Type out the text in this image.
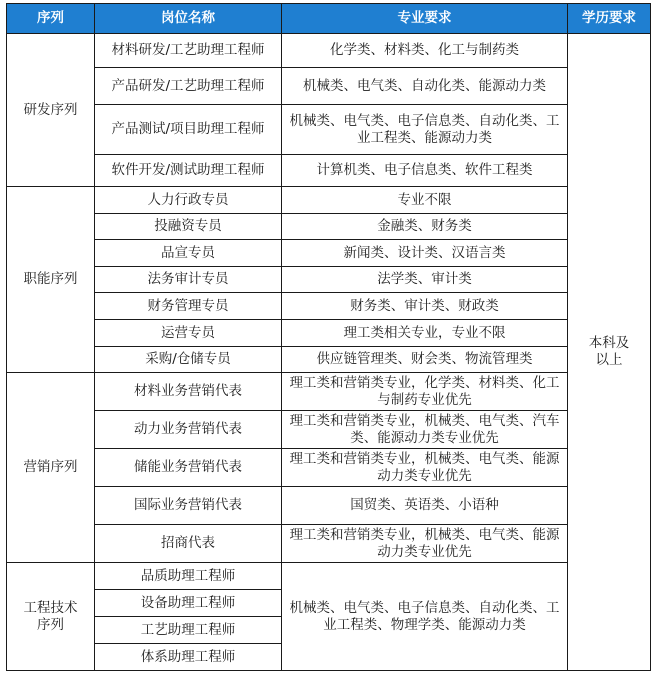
序列	岗位名称	专业要求	学历要求
研发序列	材料研发/工艺助理工程师	化学类、材料类、化工与制药类	本科及以上
	产品研发/工艺助理工程师	机械类、电气类、自动化类、能源动力类	
	产品测试/项目助理工程师	机械类、电气类、电子信息类、自动化类、工业工程类、能源动力类	
	软件开发/测试助理工程师	计算机类、电子信息类、软件工程类	
职能序列	人力行政专员	专业不限	
	投融资专员	金融类、财务类	
	品宣专员	新闻类、设计类、汉语言类	
	法务审计专员	法学类、审计类	
	财务管理专员	财务类、审计类、财政类	
	运营专员	理工类相关专业，专业不限	
	采购/仓储专员	供应链管理类、财会类、物流管理类	
营销序列	材料业务营销代表	理工类和营销类专业，化学类、材料类、化工与制药专业优先	
	动力业务营销代表	理工类和营销类专业，机械类、电气类、汽车类、能源动力类专业优先	
	储能业务营销代表	理工类和营销类专业，机械类、电气类、能源动力类专业优先	
	国际业务营销代表	国贸类、英语类、小语种	
	招商代表	理工类和营销类专业，机械类、电气类、能源动力类专业优先	
工程技术序列	品质助理工程师	机械类、电气类、电子信息类、自动化类、工业工程类、物理学类、能源动力类	
	设备助理工程师		
	工艺助理工程师		
	体系助理工程师		
